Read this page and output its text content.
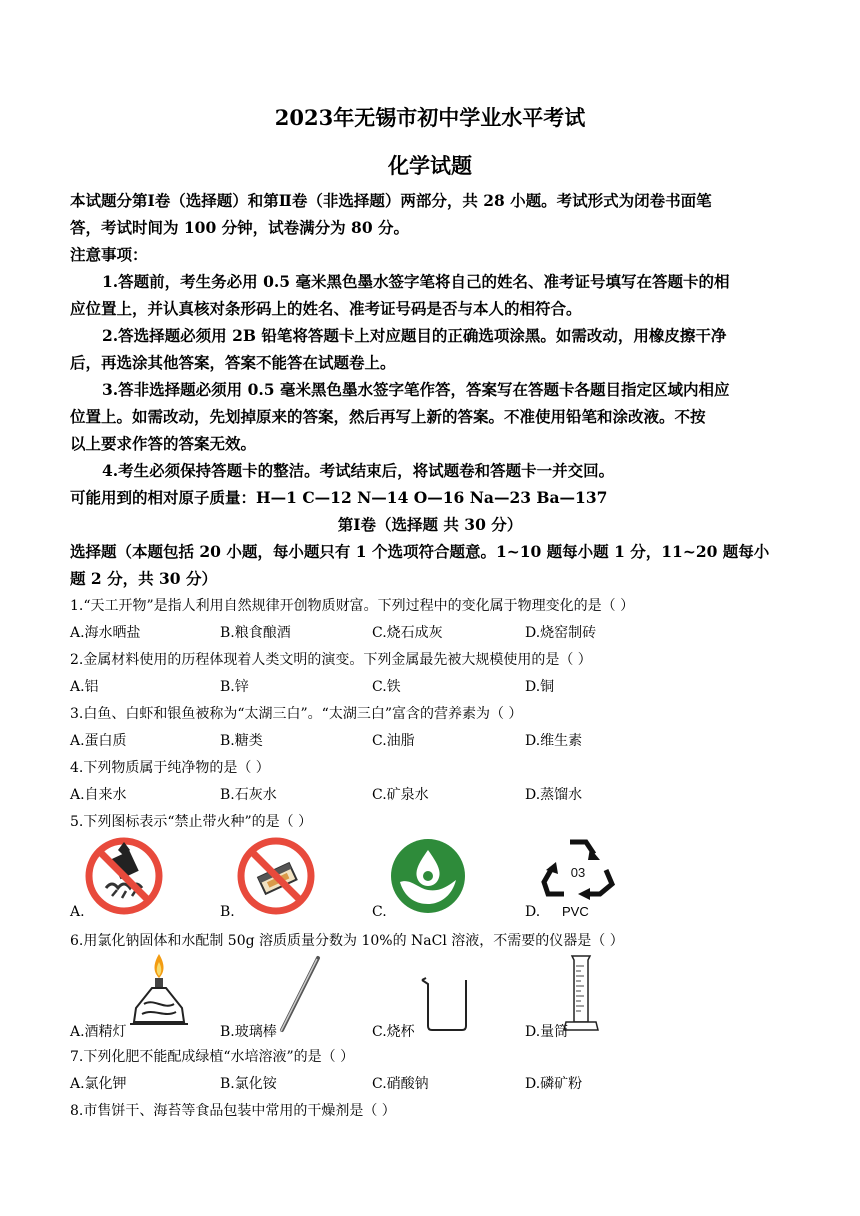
2023年无锡市初中学业水平考试
化学试题
本试题分第Ⅰ卷（选择题）和第Ⅱ卷（非选择题）两部分，共 28 小题。考试形式为闭卷书面笔
答，考试时间为 100 分钟，试卷满分为 80 分。
注意事项：
1.答题前，考生务必用 0.5 毫米黑色墨水签字笔将自己的姓名、准考证号填写在答题卡的相
应位置上，并认真核对条形码上的姓名、准考证号码是否与本人的相符合。
2.答选择题必须用 2B 铅笔将答题卡上对应题目的正确选项涂黑。如需改动，用橡皮擦干净
后，再选涂其他答案，答案不能答在试题卷上。
3.答非选择题必须用 0.5 毫米黑色墨水签字笔作答，答案写在答题卡各题目指定区域内相应
位置上。如需改动，先划掉原来的答案，然后再写上新的答案。不准使用铅笔和涂改液。不按
以上要求作答的答案无效。
4.考生必须保持答题卡的整洁。考试结束后，将试题卷和答题卡一并交回。
可能用到的相对原子质量：H—1 C—12 N—14 O—16 Na—23 Ba—137
第Ⅰ卷（选择题 共 30 分）
选择题（本题包括 20 小题，每小题只有 1 个选项符合题意。1~10 题每小题 1 分，11~20 题每小
题 2 分，共 30 分）
1.“天工开物”是指人利用自然规律开创物质财富。下列过程中的变化属于物理变化的是（ ）
A.海水晒盐	B.粮食酿酒	C.烧石成灰	D.烧窑制砖
2.金属材料使用的历程体现着人类文明的演变。下列金属最先被大规模使用的是（ ）
A.铝	B.锌	C.铁	D.铜
3.白鱼、白虾和银鱼被称为“太湖三白”。“太湖三白”富含的营养素为（ ）
A.蛋白质	B.糖类	C.油脂	D.维生素
4.下列物质属于纯净物的是（ ）
A.自来水	B.石灰水	C.矿泉水	D.蒸馏水
5.下列图标表示“禁止带火种”的是（ ）
A.	B.	C.
03
PVC
D.
6.用氯化钠固体和水配制 50g 溶质质量分数为 10%的 NaCl 溶液，不需要的仪器是（ ）
A.酒精灯	B.玻璃棒	C.烧杯	D.量筒
7.下列化肥不能配成绿植“水培溶液”的是（ ）
A.氯化钾	B.氯化铵	C.硝酸钠	D.磷矿粉
8.市售饼干、海苔等食品包装中常用的干燥剂是（ ）
